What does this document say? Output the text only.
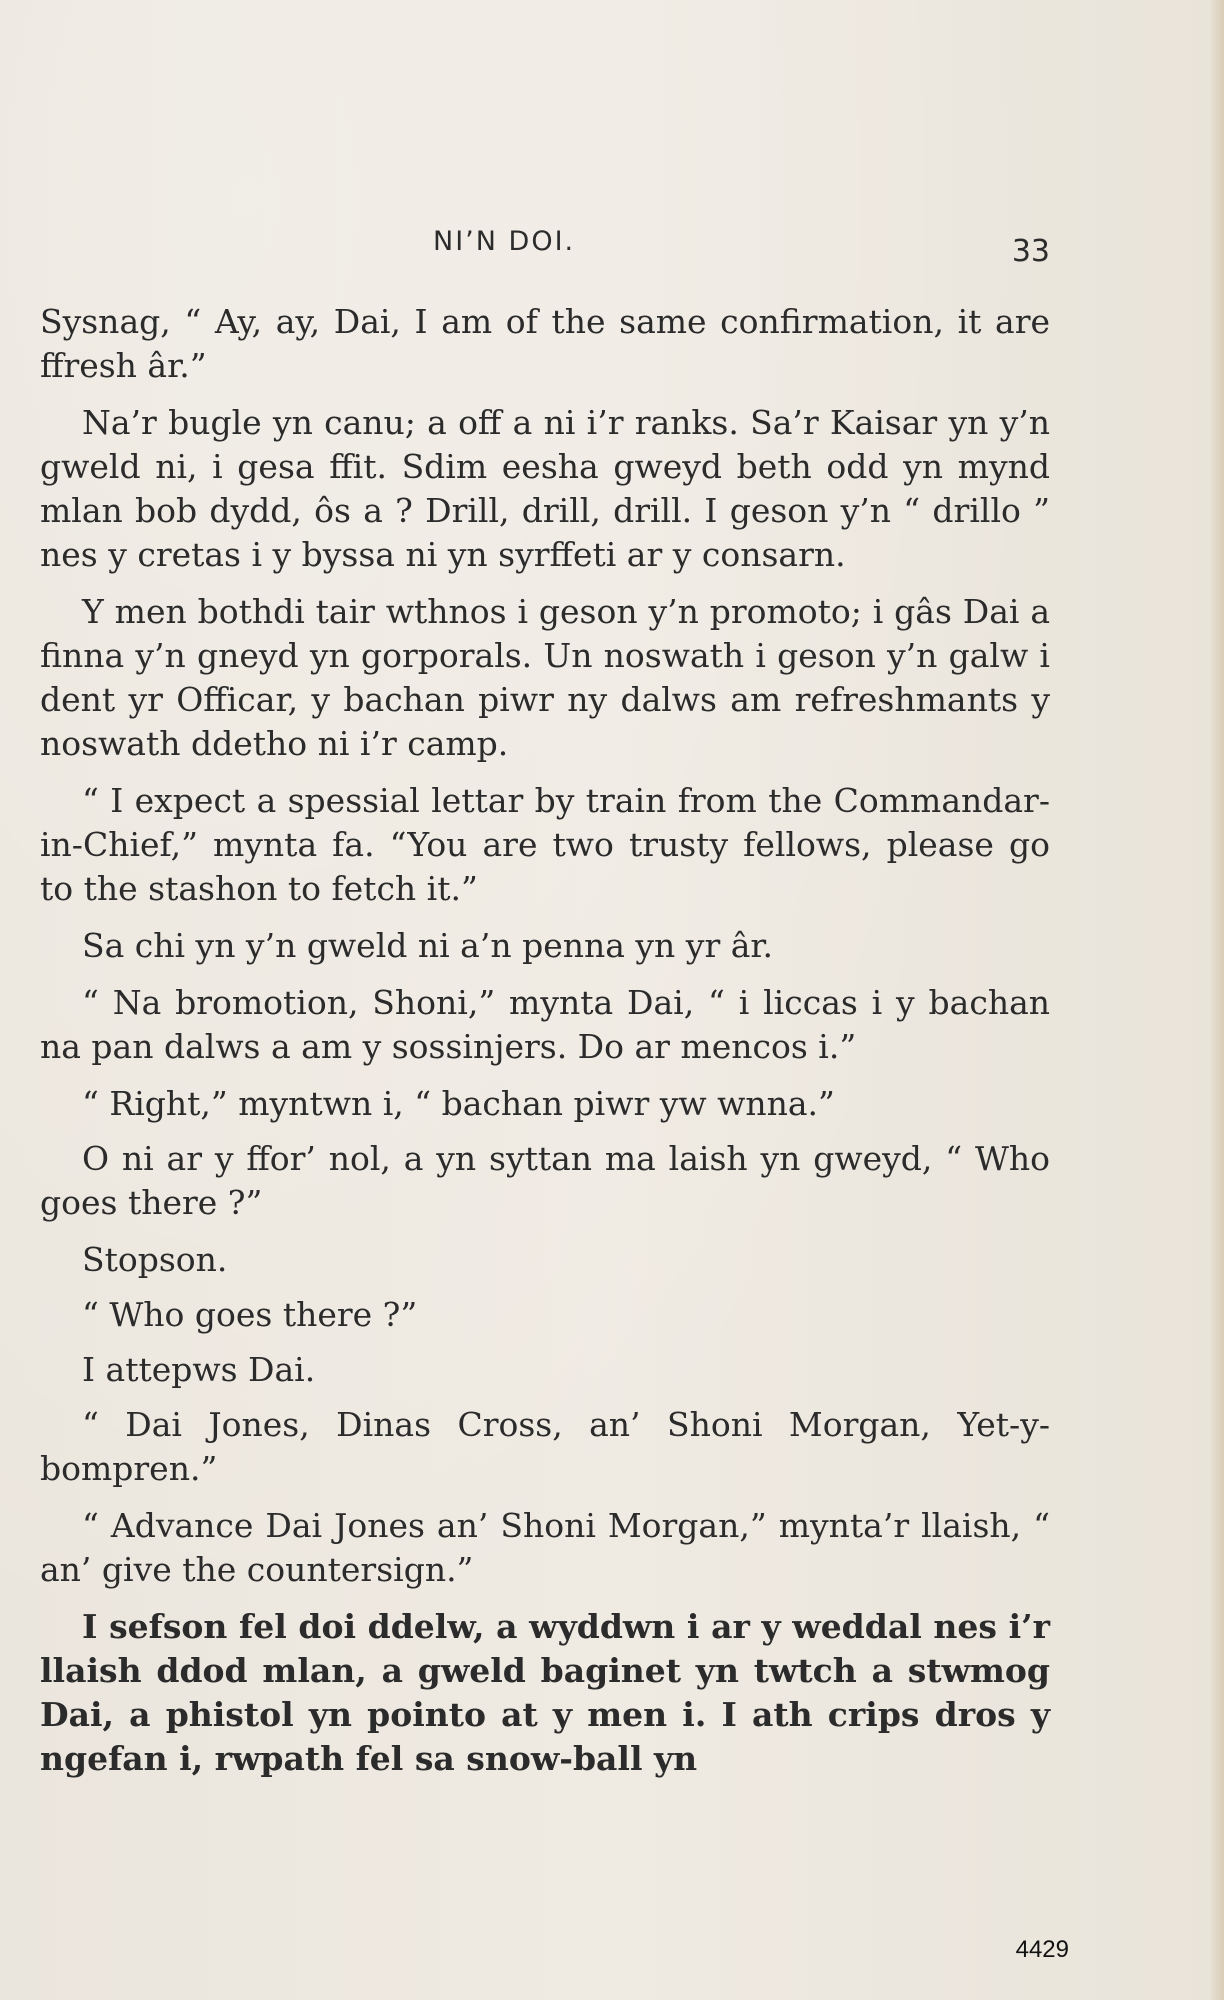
NI’N DOI.	33

Sysnag, “ Ay, ay, Dai, I am of the same confirmation, it are ffresh âr.”

Na’r bugle yn canu; a off a ni i’r ranks. Sa’r Kaisar yn y’n gweld ni, i gesa ffit. Sdim eesha gweyd beth odd yn mynd mlan bob dydd, ôs a ? Drill, drill, drill. I geson y’n “ drillo ” nes y cretas i y byssa ni yn syrffeti ar y consarn.

Y men bothdi tair wthnos i geson y’n promoto; i gâs Dai a finna y’n gneyd yn gorporals. Un noswath i geson y’n galw i dent yr Officar, y bachan piwr ny dalws am refreshmants y noswath ddetho ni i’r camp.

“ I expect a spessial lettar by train from the Commandar-in-Chief,” mynta fa. “You are two trusty fellows, please go to the stashon to fetch it.”

Sa chi yn y’n gweld ni a’n penna yn yr âr.

“ Na bromotion, Shoni,” mynta Dai, “ i liccas i y bachan na pan dalws a am y sossinjers. Do ar mencos i.”

“ Right,” myntwn i, “ bachan piwr yw wnna.”

O ni ar y ffor’ nol, a yn syttan ma laish yn gweyd, “ Who goes there ?”

Stopson.

“ Who goes there ?”

I attepws Dai.

“ Dai Jones, Dinas Cross, an’ Shoni Morgan, Yet-y-bompren.”

“ Advance Dai Jones an’ Shoni Morgan,” mynta’r llaish, “ an’ give the countersign.”

I sefson fel doi ddelw, a wyddwn i ar y weddal nes i’r llaish ddod mlan, a gweld baginet yn twtch a stwmog Dai, a phistol yn pointo at y men i. I ath crips dros y ngefan i, rwpath fel sa snow-ball yn

4429
